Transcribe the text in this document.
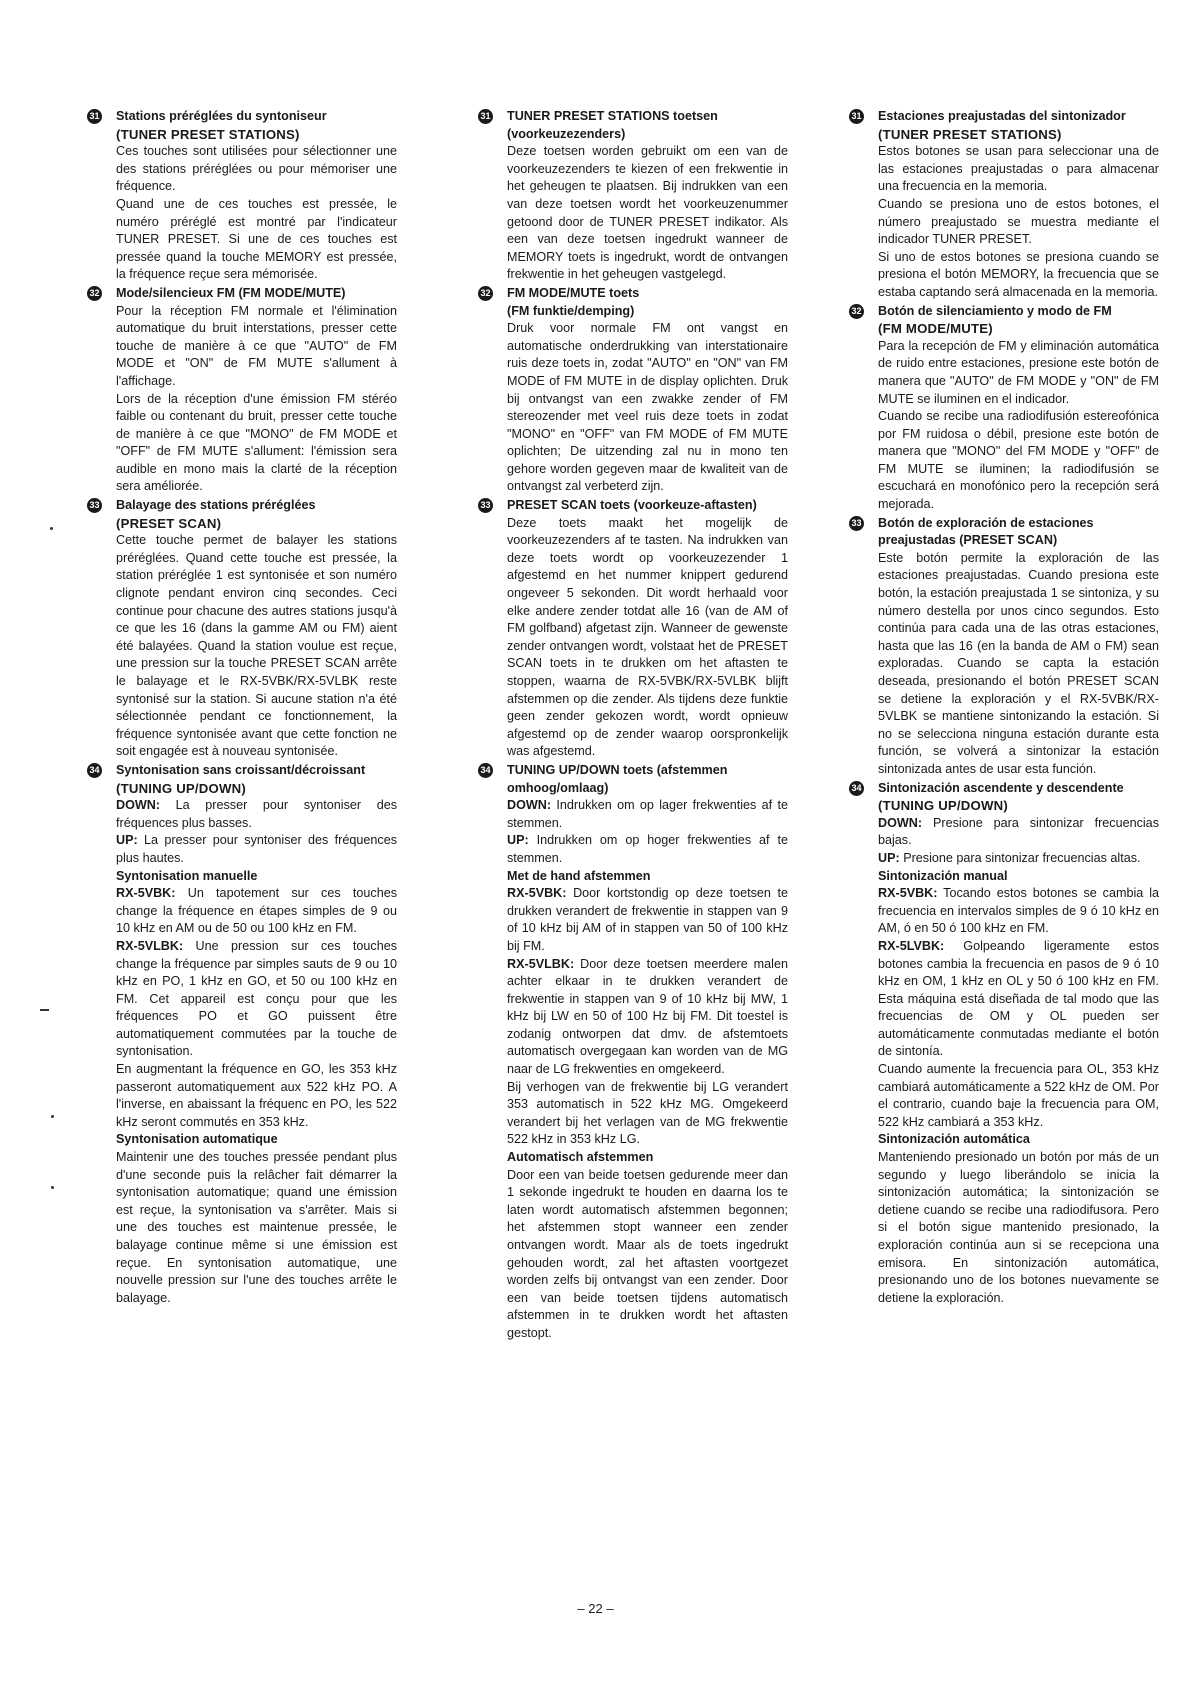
31 Stations préréglées du syntoniseur
(TUNER PRESET STATIONS)

Ces touches sont utilisées pour sélectionner une des stations préréglées ou pour mémoriser une fréquence.

Quand une de ces touches est pressée, le numéro préréglé est montré par l'indicateur TUNER PRESET. Si une de ces touches est pressée quand la touche MEMORY est pressée, la fréquence reçue sera mémorisée.

32 Mode/silencieux FM (FM MODE/MUTE)

Pour la réception FM normale et l'élimination automatique du bruit interstations, presser cette touche de manière à ce que "AUTO" de FM MODE et "ON" de FM MUTE s'allument à l'affichage.

Lors de la réception d'une émission FM stéréo faible ou contenant du bruit, presser cette touche de manière à ce que "MONO" de FM MODE et "OFF" de FM MUTE s'allument: l'émission sera audible en mono mais la clarté de la réception sera améliorée.

33 Balayage des stations préréglées
(PRESET SCAN)

Cette touche permet de balayer les stations préréglées. Quand cette touche est pressée, la station préréglée 1 est syntonisée et son numéro clignote pendant environ cinq secondes. Ceci continue pour chacune des autres stations jusqu'à ce que les 16 (dans la gamme AM ou FM) aient été balayées. Quand la station voulue est reçue, une pression sur la touche PRESET SCAN arrête le balayage et le RX-5VBK/RX-5VLBK reste syntonisé sur la station. Si aucune station n'a été sélectionnée pendant ce fonctionnement, la fréquence syntonisée avant que cette fonction ne soit engagée est à nouveau syntonisée.

34 Syntonisation sans croissant/décroissant
(TUNING UP/DOWN)

DOWN: La presser pour syntoniser des fréquences plus basses.

UP: La presser pour syntoniser des fréquences plus hautes.

Syntonisation manuelle

RX-5VBK: Un tapotement sur ces touches change la fréquence en étapes simples de 9 ou 10 kHz en AM ou de 50 ou 100 kHz en FM.

RX-5VLBK: Une pression sur ces touches change la fréquence par simples sauts de 9 ou 10 kHz en PO, 1 kHz en GO, et 50 ou 100 kHz en FM. Cet appareil est conçu pour que les fréquences PO et GO puissent être automatiquement commutées par la touche de syntonisation.

En augmentant la fréquence en GO, les 353 kHz passeront automatiquement aux 522 kHz PO. A l'inverse, en abaissant la fréquenc en PO, les 522 kHz seront commutés en 353 kHz.

Syntonisation automatique

Maintenir une des touches pressée pendant plus d'une seconde puis la relâcher fait démarrer la syntonisation automatique; quand une émission est reçue, la syntonisation va s'arrêter. Mais si une des touches est maintenue pressée, le balayage continue même si une émission est reçue. En syntonisation automatique, une nouvelle pression sur l'une des touches arrête le balayage.

31 TUNER PRESET STATIONS toetsen
(voorkeuzezenders)

Deze toetsen worden gebruikt om een van de voorkeuzezenders te kiezen of een frekwentie in het geheugen te plaatsen. Bij indrukken van een van deze toetsen wordt het voorkeuzenummer getoond door de TUNER PRESET indikator. Als een van deze toetsen ingedrukt wanneer de MEMORY toets is ingedrukt, wordt de ontvangen frekwentie in het geheugen vastgelegd.

32 FM MODE/MUTE toets
(FM funktie/demping)

Druk voor normale FM ont vangst en automatische onderdrukking van interstationaire ruis deze toets in, zodat "AUTO" en "ON" van FM MODE of FM MUTE in de display oplichten. Druk bij ontvangst van een zwakke zender of FM stereozender met veel ruis deze toets in zodat "MONO" en "OFF" van FM MODE of FM MUTE oplichten; De uitzending zal nu in mono ten gehore worden gegeven maar de kwaliteit van de ontvangst zal verbeterd zijn.

33 PRESET SCAN toets (voorkeuze-aftasten)

Deze toets maakt het mogelijk de voorkeuzezenders af te tasten. Na indrukken van deze toets wordt op voorkeuzezender 1 afgestemd en het nummer knippert gedurend ongeveer 5 sekonden. Dit wordt herhaald voor elke andere zender totdat alle 16 (van de AM of FM golfband) afgetast zijn. Wanneer de gewenste zender ontvangen wordt, volstaat het de PRESET SCAN toets in te drukken om het aftasten te stoppen, waarna de RX-5VBK/RX-5VLBK blijft afstemmen op die zender. Als tijdens deze funktie geen zender gekozen wordt, wordt opnieuw afgestemd op de zender waarop oorspronkelijk was afgestemd.

34 TUNING UP/DOWN toets (afstemmen
omhoog/omlaag)

DOWN: Indrukken om op lager frekwenties af te stemmen.

UP: Indrukken om op hoger frekwenties af te stemmen.

Met de hand afstemmen

RX-5VBK: Door kortstondig op deze toetsen te drukken verandert de frekwentie in stappen van 9 of 10 kHz bij AM of in stappen van 50 of 100 kHz bij FM.

RX-5VLBK: Door deze toetsen meerdere malen achter elkaar in te drukken verandert de frekwentie in stappen van 9 of 10 kHz bij MW, 1 kHz bij LW en 50 of 100 Hz bij FM. Dit toestel is zodanig ontworpen dat dmv. de afstemtoets automatisch overgegaan kan worden van de MG naar de LG frekwenties en omgekeerd.

Bij verhogen van de frekwentie bij LG verandert 353 automatisch in 522 kHz MG. Omgekeerd verandert bij het verlagen van de MG frekwentie 522 kHz in 353 kHz LG.

Automatisch afstemmen

Door een van beide toetsen gedurende meer dan 1 sekonde ingedrukt te houden en daarna los te laten wordt automatisch afstemmen begonnen; het afstemmen stopt wanneer een zender ontvangen wordt. Maar als de toets ingedrukt gehouden wordt, zal het aftasten voortgezet worden zelfs bij ontvangst van een zender. Door een van beide toetsen tijdens automatisch afstemmen in te drukken wordt het aftasten gestopt.

31 Estaciones preajustadas del sintonizador
(TUNER PRESET STATIONS)

Estos botones se usan para seleccionar una de las estaciones preajustadas o para almacenar una frecuencia en la memoria.

Cuando se presiona uno de estos botones, el número preajustado se muestra mediante el indicador TUNER PRESET.

Si uno de estos botones se presiona cuando se presiona el botón MEMORY, la frecuencia que se estaba captando será almacenada en la memoria.

32 Botón de silenciamiento y modo de FM
(FM MODE/MUTE)

Para la recepción de FM y eliminación automática de ruido entre estaciones, presione este botón de manera que "AUTO" de FM MODE y "ON" de FM MUTE se iluminen en el indicador.

Cuando se recibe una radiodifusión estereofónica por FM ruidosa o débil, presione este botón de manera que "MONO" del FM MODE y "OFF" de FM MUTE se iluminen; la radiodifusión se escuchará en monofónico pero la recepción será mejorada.

33 Botón de exploración de estaciones preajustadas (PRESET SCAN)

Este botón permite la exploración de las estaciones preajustadas. Cuando presiona este botón, la estación preajustada 1 se sintoniza, y su número destella por unos cinco segundos. Esto continúa para cada una de las otras estaciones, hasta que las 16 (en la banda de AM o FM) sean exploradas. Cuando se capta la estación deseada, presionando el botón PRESET SCAN se detiene la exploración y el RX-5VBK/RX-5VLBK se mantiene sintonizando la estación. Si no se selecciona ninguna estación durante esta función, se volverá a sintonizar la estación sintonizada antes de usar esta función.

34 Sintonización ascendente y descendente
(TUNING UP/DOWN)

DOWN: Presione para sintonizar frecuencias bajas.

UP: Presione para sintonizar frecuencias altas.

Sintonización manual

RX-5VBK: Tocando estos botones se cambia la frecuencia en intervalos simples de 9 ó 10 kHz en AM, ó en 50 ó 100 kHz en FM.

RX-5LVBK: Golpeando ligeramente estos botones cambia la frecuencia en pasos de 9 ó 10 kHz en OM, 1 kHz en OL y 50 ó 100 kHz en FM. Esta máquina está diseñada de tal modo que las frecuencias de OM y OL pueden ser automáticamente conmutadas mediante el botón de sintonía.

Cuando aumente la frecuencia para OL, 353 kHz cambiará automáticamente a 522 kHz de OM. Por el contrario, cuando baje la frecuencia para OM, 522 kHz cambiará a 353 kHz.

Sintonización automática

Manteniendo presionado un botón por más de un segundo y luego liberándolo se inicia la sintonización automática; la sintonización se detiene cuando se recibe una radiodifusora. Pero si el botón sigue mantenido presionado, la exploración continúa aun si se recepciona una emisora. En sintonización automática, presionando uno de los botones nuevamente se detiene la exploración.

– 22 –
